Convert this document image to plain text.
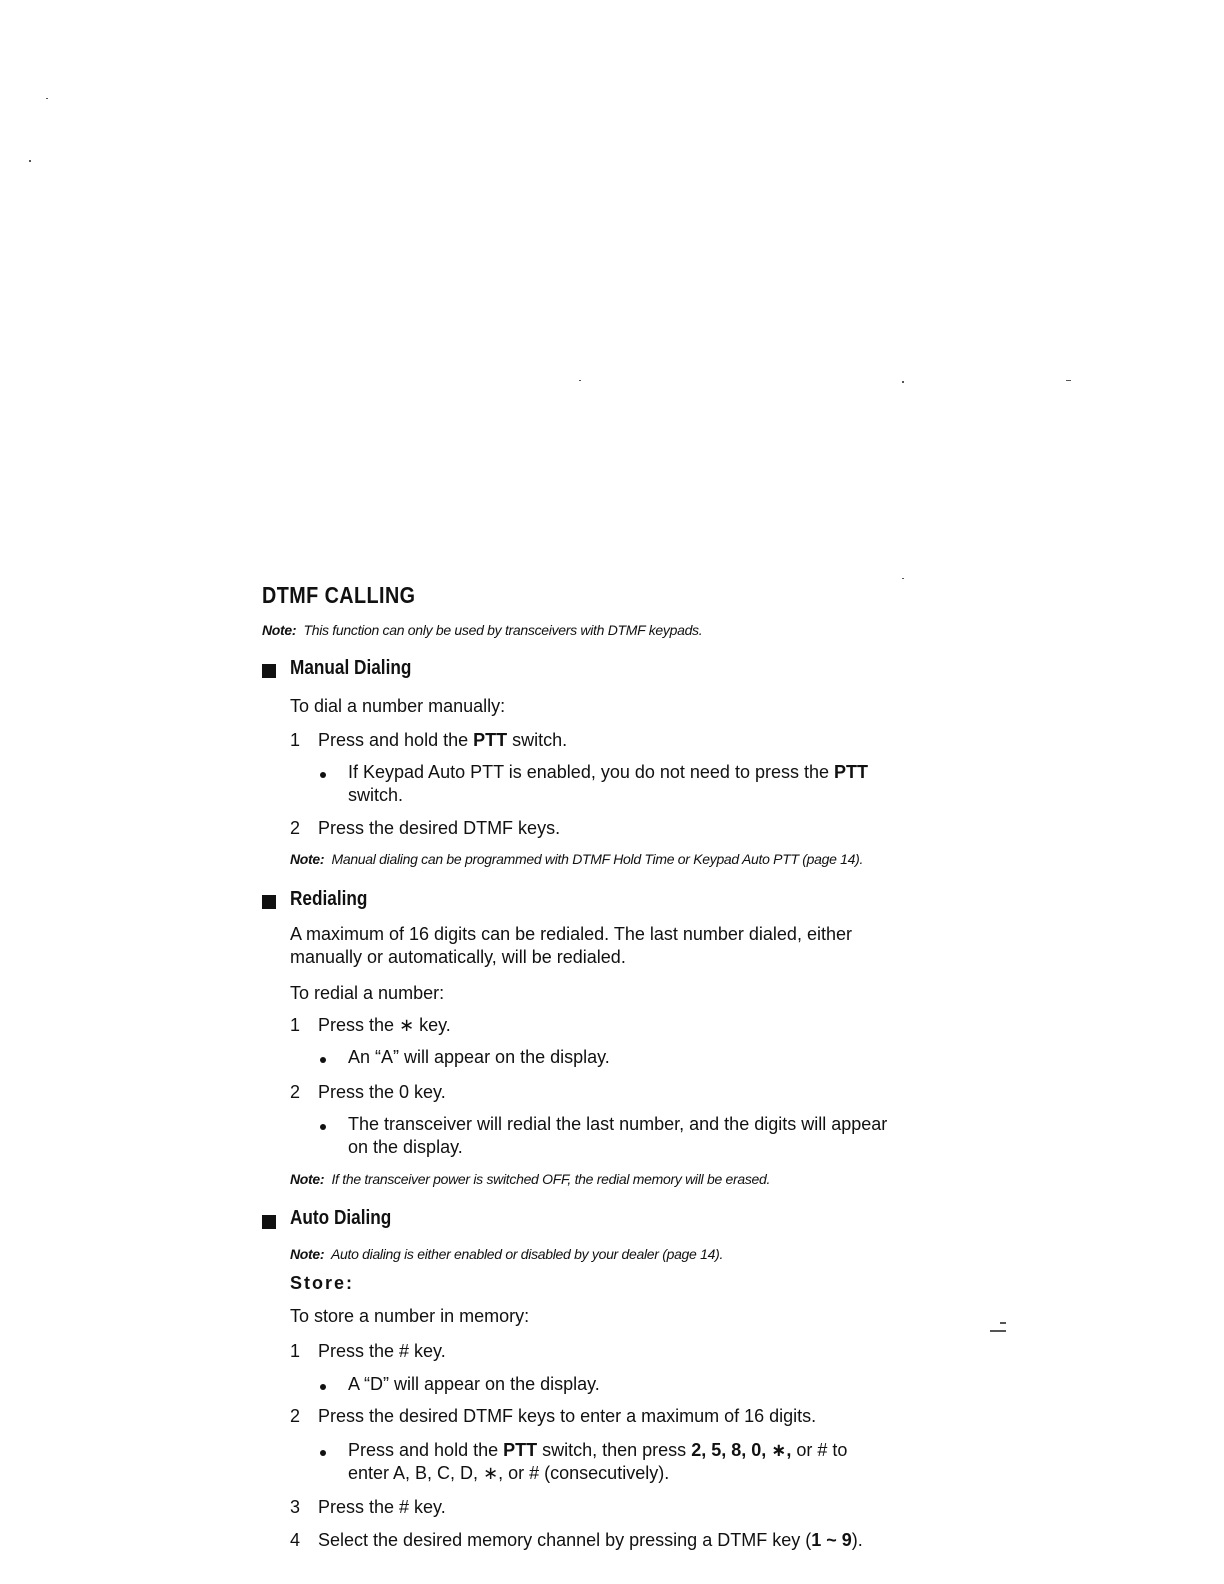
DTMF CALLING
Note: This function can only be used by transceivers with DTMF keypads.
Manual Dialing
To dial a number manually:
1 Press and hold the PTT switch.
If Keypad Auto PTT is enabled, you do not need to press the PTT
switch.
2 Press the desired DTMF keys.
Note: Manual dialing can be programmed with DTMF Hold Time or Keypad Auto PTT (page 14).
Redialing
A maximum of 16 digits can be redialed. The last number dialed, either
manually or automatically, will be redialed.
To redial a number:
1 Press the ∗ key.
An “A” will appear on the display.
2 Press the 0 key.
The transceiver will redial the last number, and the digits will appear
on the display.
Note: If the transceiver power is switched OFF, the redial memory will be erased.
Auto Dialing
Note: Auto dialing is either enabled or disabled by your dealer (page 14).
Store:
To store a number in memory:
1 Press the # key.
A “D” will appear on the display.
2 Press the desired DTMF keys to enter a maximum of 16 digits.
Press and hold the PTT switch, then press 2, 5, 8, 0, ∗, or # to
enter A, B, C, D, ∗, or # (consecutively).
3 Press the # key.
4 Select the desired memory channel by pressing a DTMF key (1 ~ 9).
